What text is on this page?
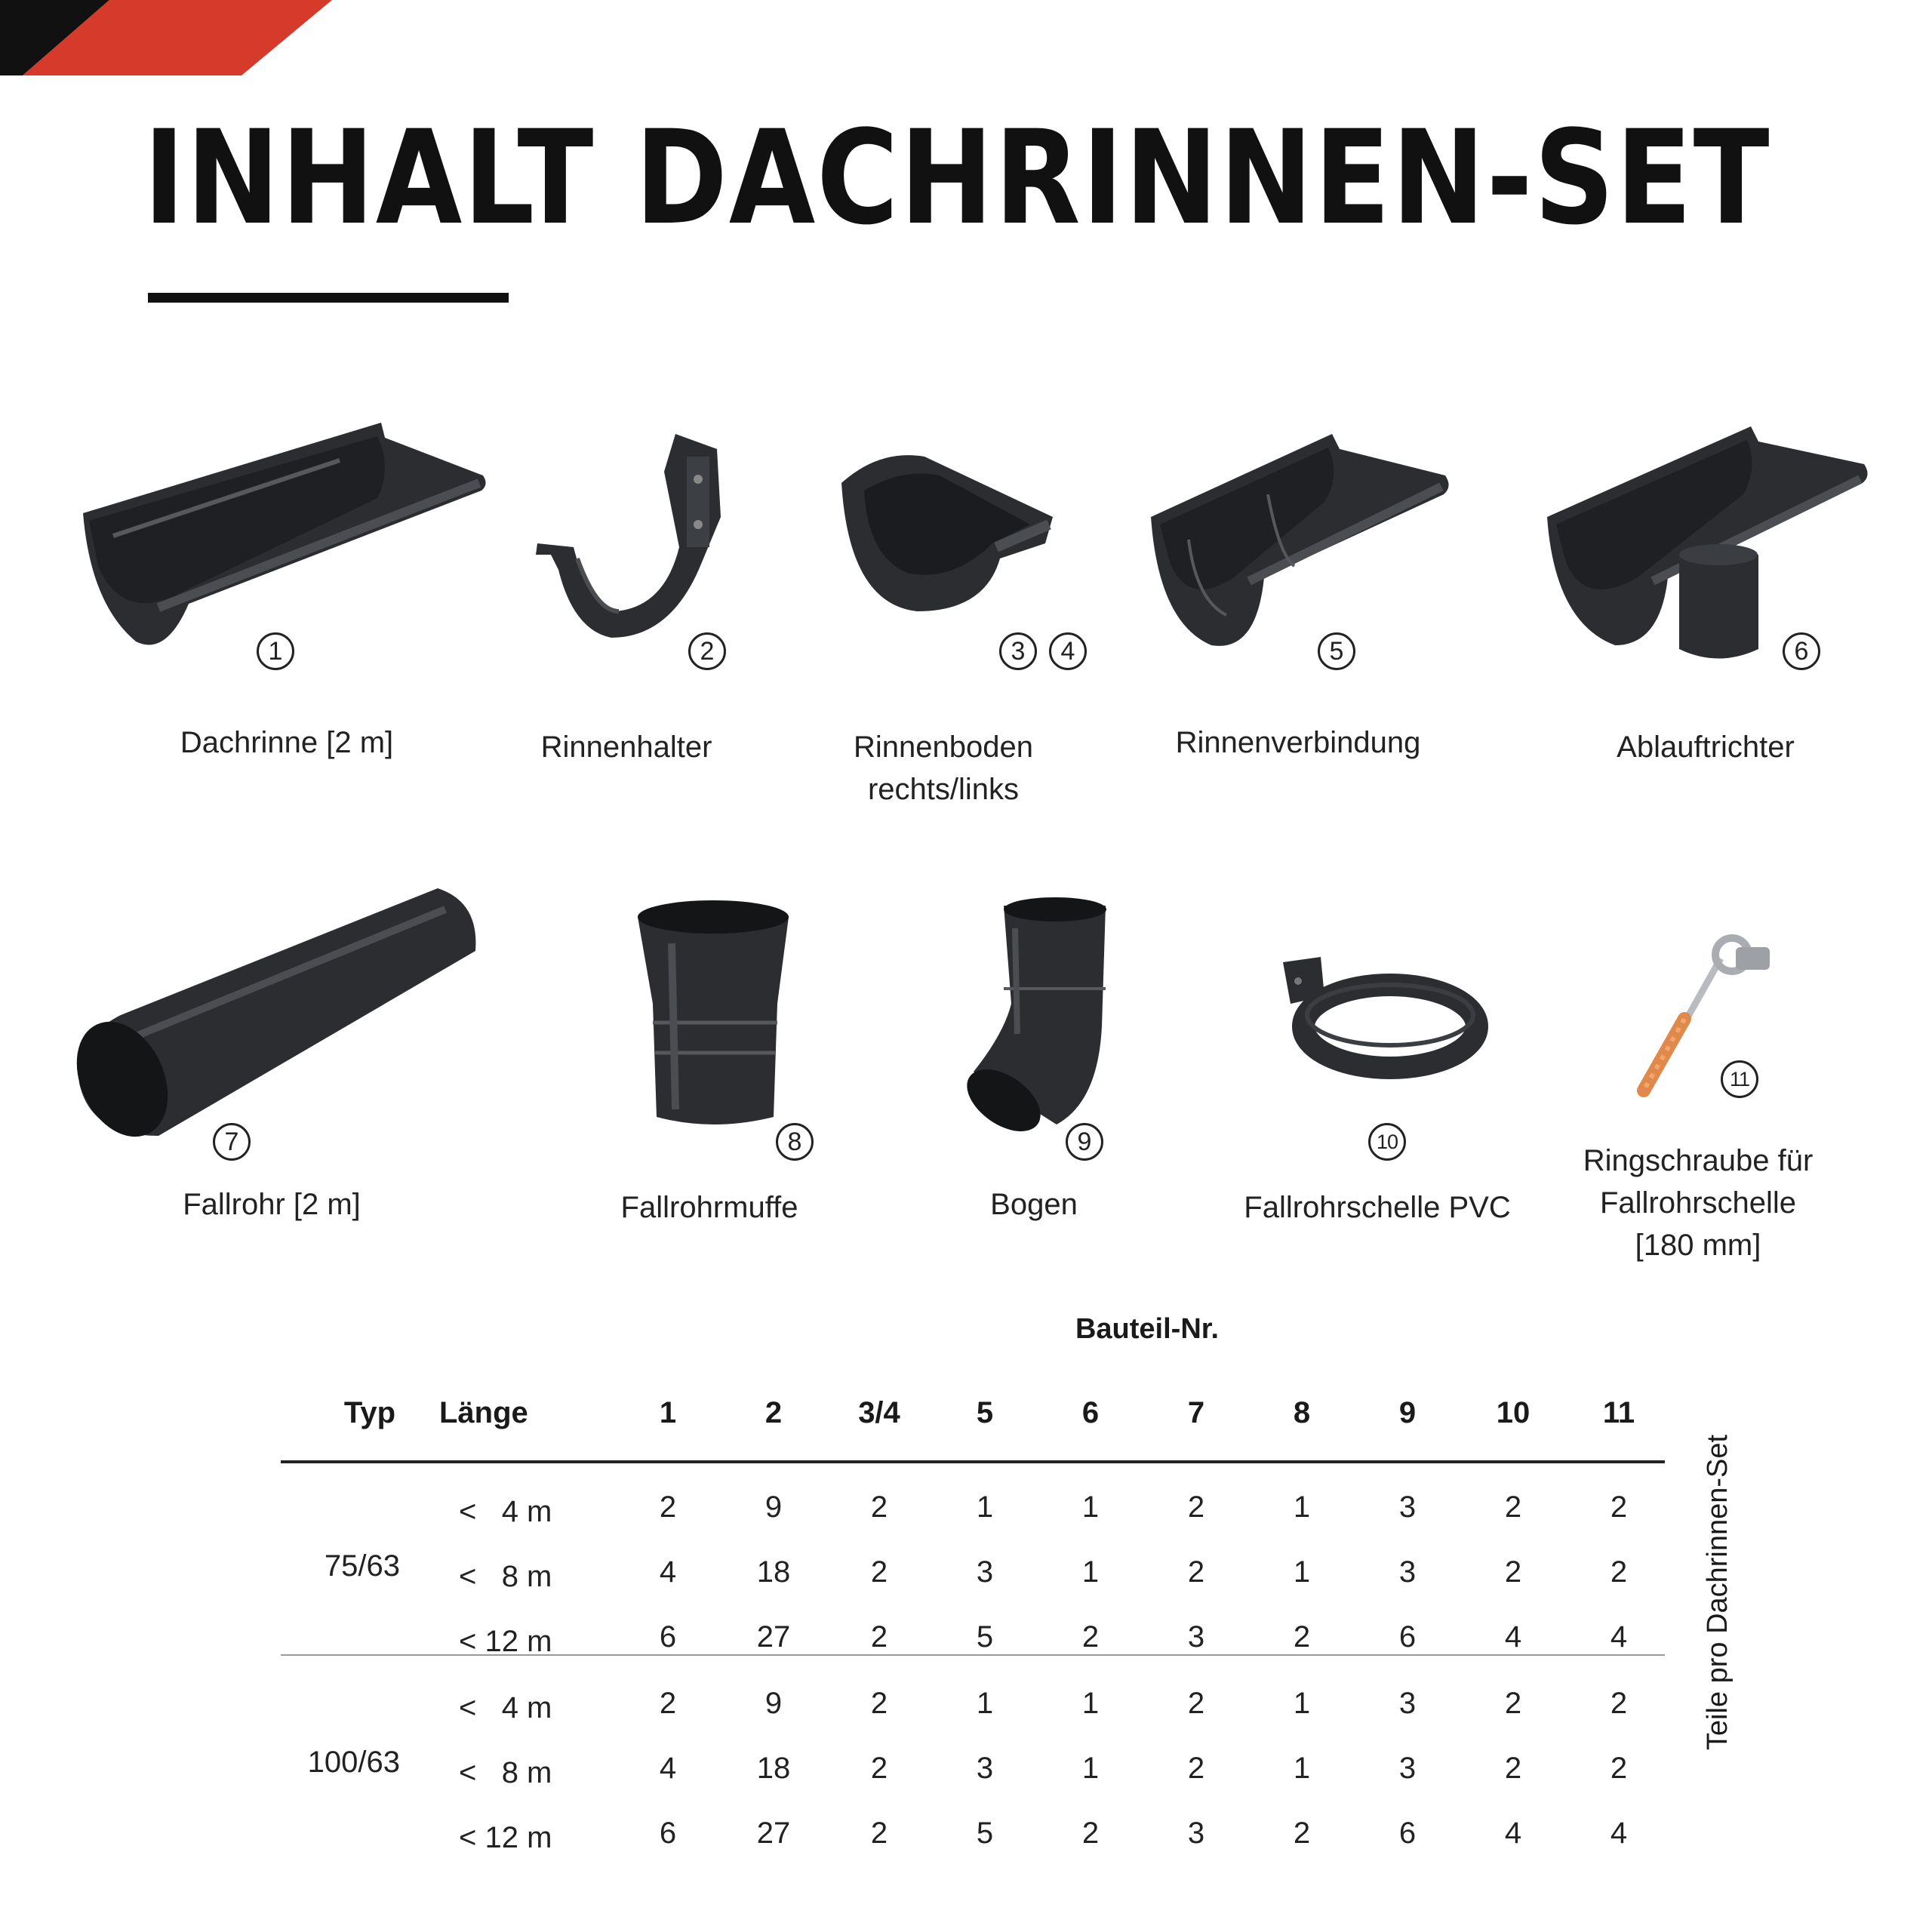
INHALT DACHRINNEN-SET
1
Dachrinne [2 m]
2
Rinnenhalter
3	4
Rinnenboden
rechts/links
5
Rinnenverbindung
6
Ablauftrichter
7
Fallrohr [2 m]
8
Fallrohrmuffe
9
Bogen
10
Fallrohrschelle PVC
11
Ringschraube für
Fallrohrschelle
[180 mm]
Bauteil-Nr.
Typ	Länge	1	2	3/4	5	6	7	8	9	10	11
75/63
<   4 m	2	9	2	1	1	2	1	3	2	2
<   8 m	4	18	2	3	1	2	1	3	2	2
< 12 m	6	27	2	5	2	3	2	6	4	4
100/63
<   4 m	2	9	2	1	1	2	1	3	2	2
<   8 m	4	18	2	3	1	2	1	3	2	2
< 12 m	6	27	2	5	2	3	2	6	4	4
Teile pro Dachrinnen-Set
